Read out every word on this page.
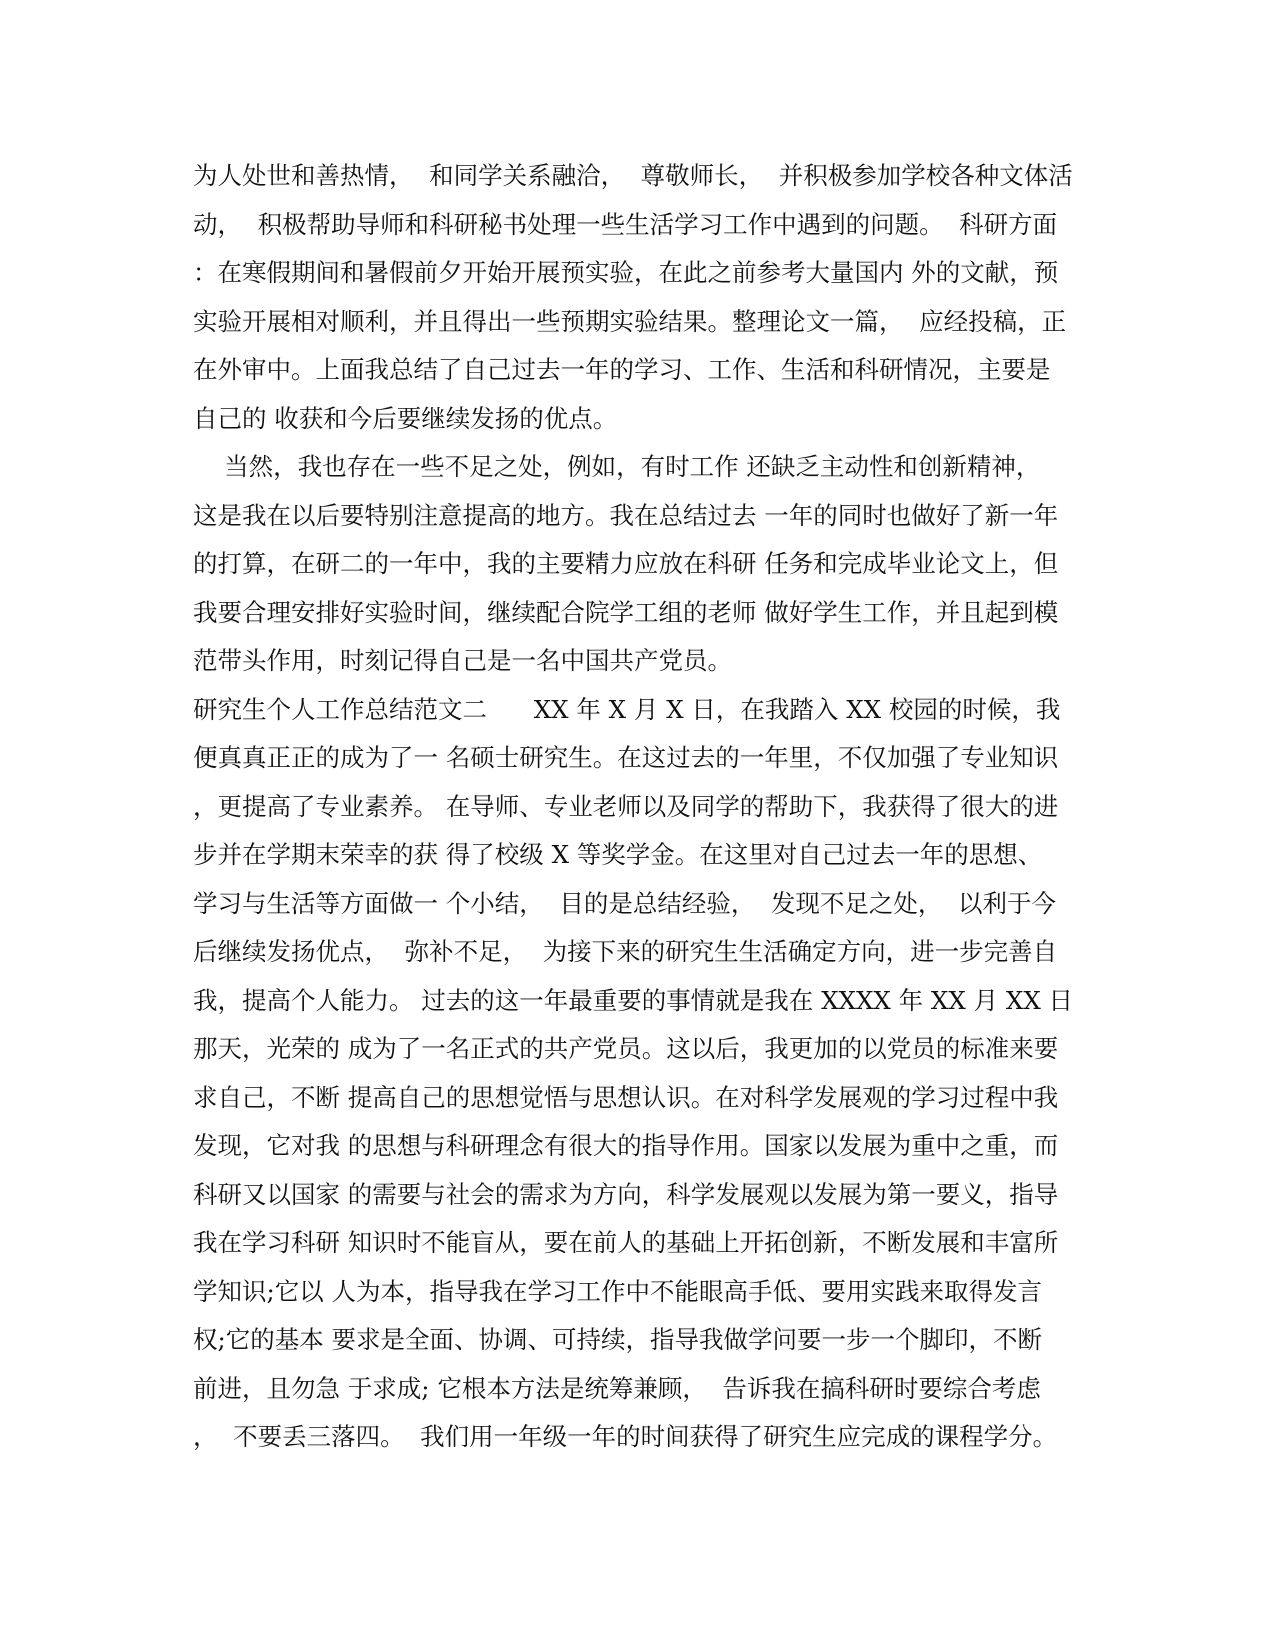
为人处世和善热情，  和同学关系融洽，  尊敬师长，  并积极参加学校各种文体活
动，  积极帮助导师和科研秘书处理一些生活学习工作中遇到的问题。  科研方面
：在寒假期间和暑假前夕开始开展预实验，在此之前参考大量国内 外的文献，预
实验开展相对顺利，并且得出一些预期实验结果。整理论文一篇，  应经投稿，正
在外审中。上面我总结了自己过去一年的学习、工作、生活和科研情况，主要是
自己的 收获和今后要继续发扬的优点。
当然，我也存在一些不足之处，例如，有时工作 还缺乏主动性和创新精神，
这是我在以后要特别注意提高的地方。我在总结过去 一年的同时也做好了新一年
的打算，在研二的一年中，我的主要精力应放在科研 任务和完成毕业论文上，但
我要合理安排好实验时间，继续配合院学工组的老师 做好学生工作，并且起到模
范带头作用，时刻记得自己是一名中国共产党员。
研究生个人工作总结范文二      XX 年 X 月 X 日，在我踏入 XX 校园的时候，我
便真真正正的成为了一 名硕士研究生。在这过去的一年里，不仅加强了专业知识
，更提高了专业素养。 在导师、专业老师以及同学的帮助下，我获得了很大的进
步并在学期末荣幸的获 得了校级 X 等奖学金。在这里对自己过去一年的思想、
学习与生活等方面做一 个小结，  目的是总结经验，  发现不足之处，  以利于今
后继续发扬优点，  弥补不足，  为接下来的研究生生活确定方向，进一步完善自
我，提高个人能力。 过去的这一年最重要的事情就是我在 XXXX 年 XX 月 XX 日
那天，光荣的 成为了一名正式的共产党员。这以后，我更加的以党员的标准来要
求自己，不断 提高自己的思想觉悟与思想认识。在对科学发展观的学习过程中我
发现，它对我 的思想与科研理念有很大的指导作用。国家以发展为重中之重，而
科研又以国家 的需要与社会的需求为方向，科学发展观以发展为第一要义，指导
我在学习科研 知识时不能盲从，要在前人的基础上开拓创新，不断发展和丰富所
学知识;它以 人为本，指导我在学习工作中不能眼高手低、要用实践来取得发言
权;它的基本 要求是全面、协调、可持续，指导我做学问要一步一个脚印，不断
前进，且勿急 于求成; 它根本方法是统筹兼顾，  告诉我在搞科研时要综合考虑
，  不要丢三落四。  我们用一年级一年的时间获得了研究生应完成的课程学分。
